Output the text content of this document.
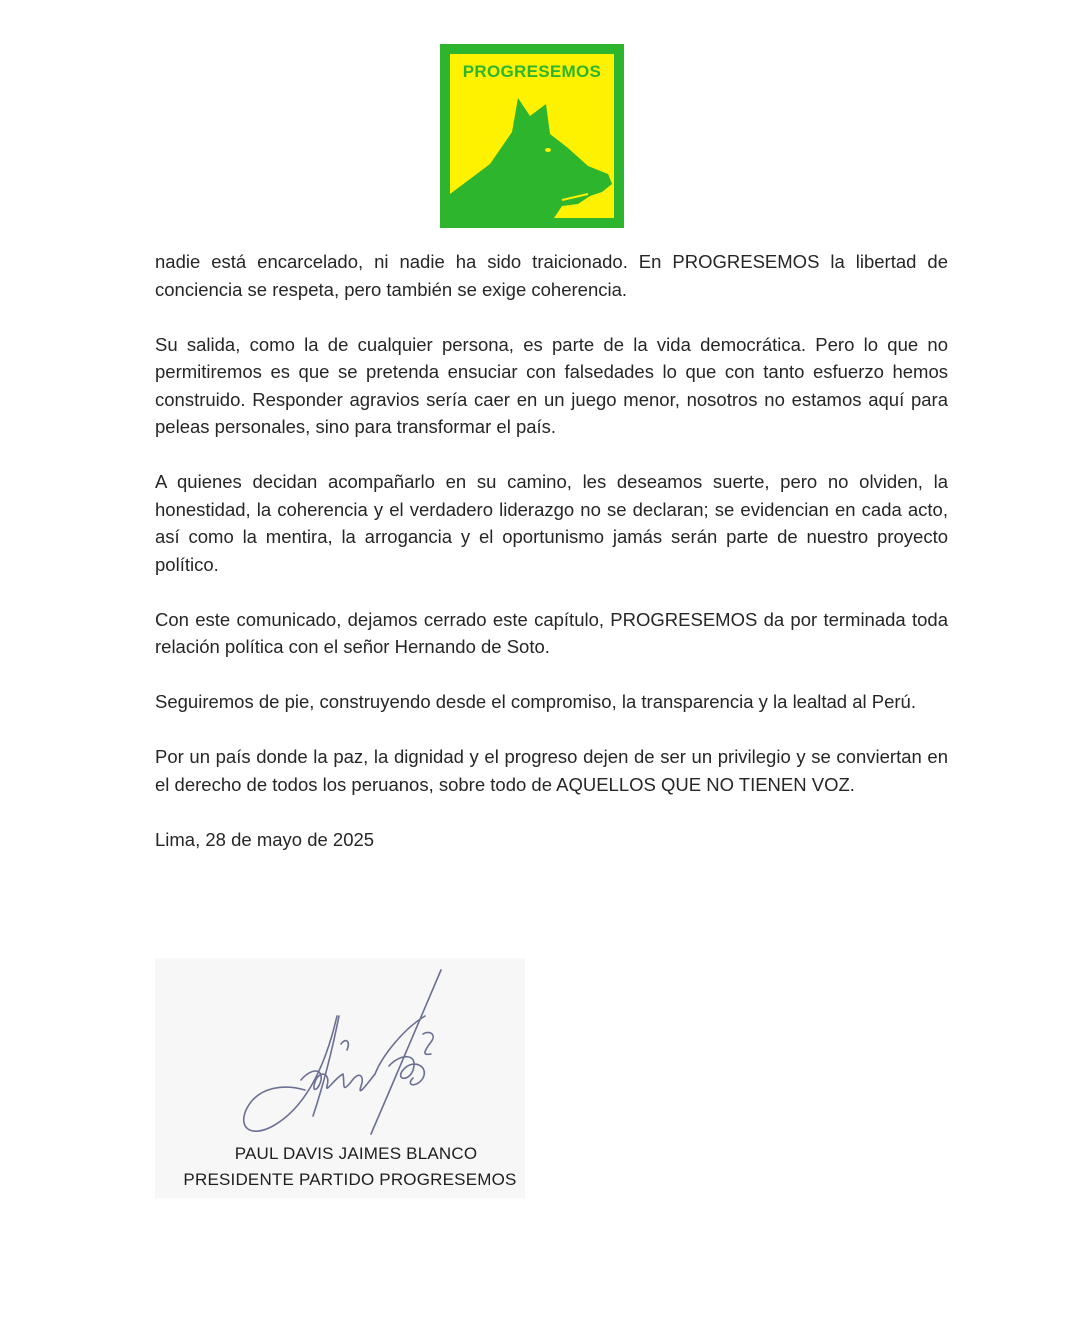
PROGRESEMOS

nadie está encarcelado, ni nadie ha sido traicionado. En PROGRESEMOS la libertad de conciencia se respeta, pero también se exige coherencia.

Su salida, como la de cualquier persona, es parte de la vida democrática. Pero lo que no permitiremos es que se pretenda ensuciar con falsedades lo que con tanto esfuerzo hemos construido. Responder agravios sería caer en un juego menor, nosotros no estamos aquí para peleas personales, sino para transformar el país.

A quienes decidan acompañarlo en su camino, les deseamos suerte, pero no olviden, la honestidad, la coherencia y el verdadero liderazgo no se declaran; se evidencian en cada acto, así como la mentira, la arrogancia y el oportunismo jamás serán parte de nuestro proyecto político.

Con este comunicado, dejamos cerrado este capítulo, PROGRESEMOS da por terminada toda relación política con el señor Hernando de Soto.

Seguiremos de pie, construyendo desde el compromiso, la transparencia y la lealtad al Perú.

Por un país donde la paz, la dignidad y el progreso dejen de ser un privilegio y se conviertan en el derecho de todos los peruanos, sobre todo de AQUELLOS QUE NO TIENEN VOZ.

Lima, 28 de mayo de 2025

PAUL DAVIS JAIMES BLANCO
PRESIDENTE PARTIDO PROGRESEMOS
